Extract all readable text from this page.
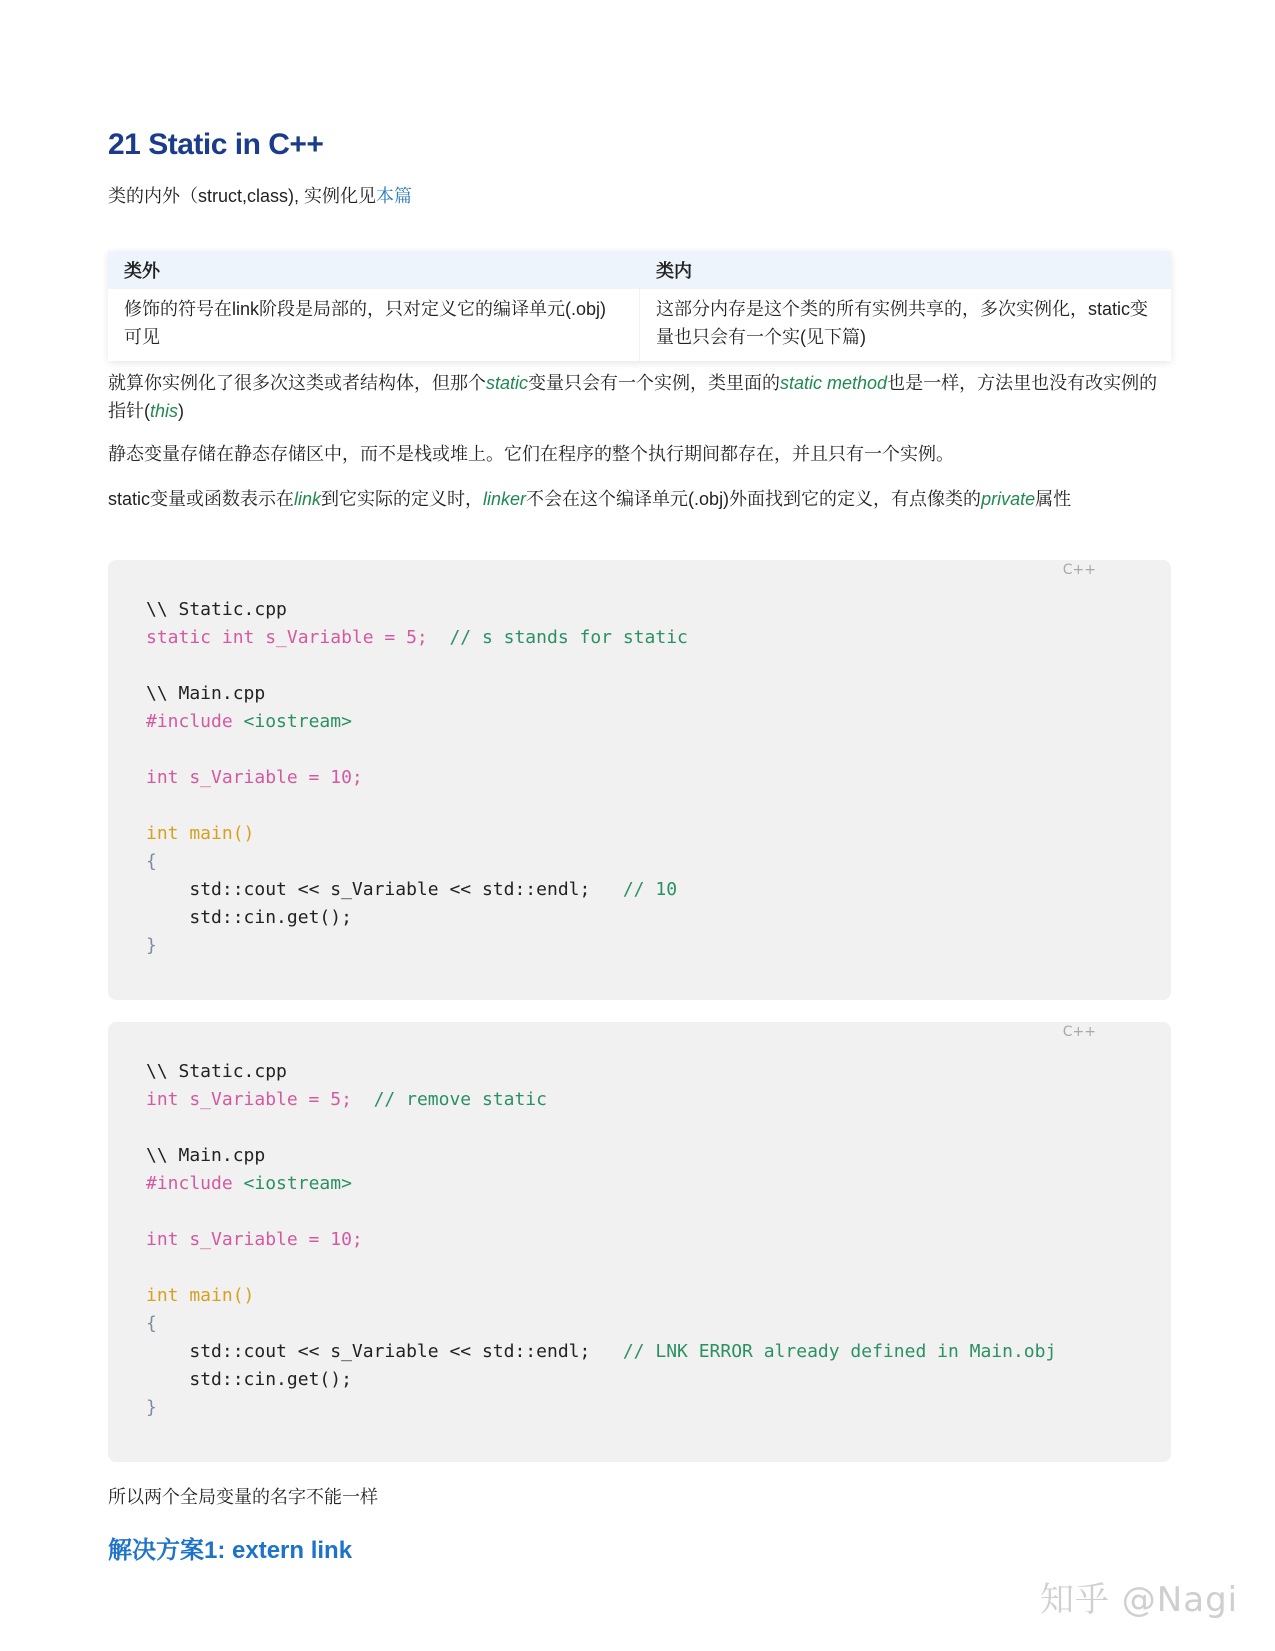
21 Static in C++

类的内外（struct,class), 实例化见本篇

类外	类内
修饰的符号在link阶段是局部的，只对定义它的编译单元(.obj)可见	这部分内存是这个类的所有实例共享的，多次实例化，static变量也只会有一个实(见下篇)

就算你实例化了很多次这类或者结构体，但那个static变量只会有一个实例，类里面的static method也是一样，方法里也没有改实例的指针(this)

静态变量存储在静态存储区中，而不是栈或堆上。它们在程序的整个执行期间都存在，并且只有一个实例。

static变量或函数表示在link到它实际的定义时，linker不会在这个编译单元(.obj)外面找到它的定义，有点像类的private属性

C++
\\ Static.cpp
static int s_Variable = 5; // s stands for static

\\ Main.cpp
#include <iostream>

int s_Variable = 10;

int main()
{
std::cout << s_Variable << std::endl; // 10
std::cin.get();
}
C++
\\ Static.cpp
int s_Variable = 5; // remove static

\\ Main.cpp
#include <iostream>

int s_Variable = 10;

int main()
{
std::cout << s_Variable << std::endl; // LNK ERROR already defined in Main.obj
std::cin.get();
}

所以两个全局变量的名字不能一样

解决方案1: extern link
知乎 @Nagi
